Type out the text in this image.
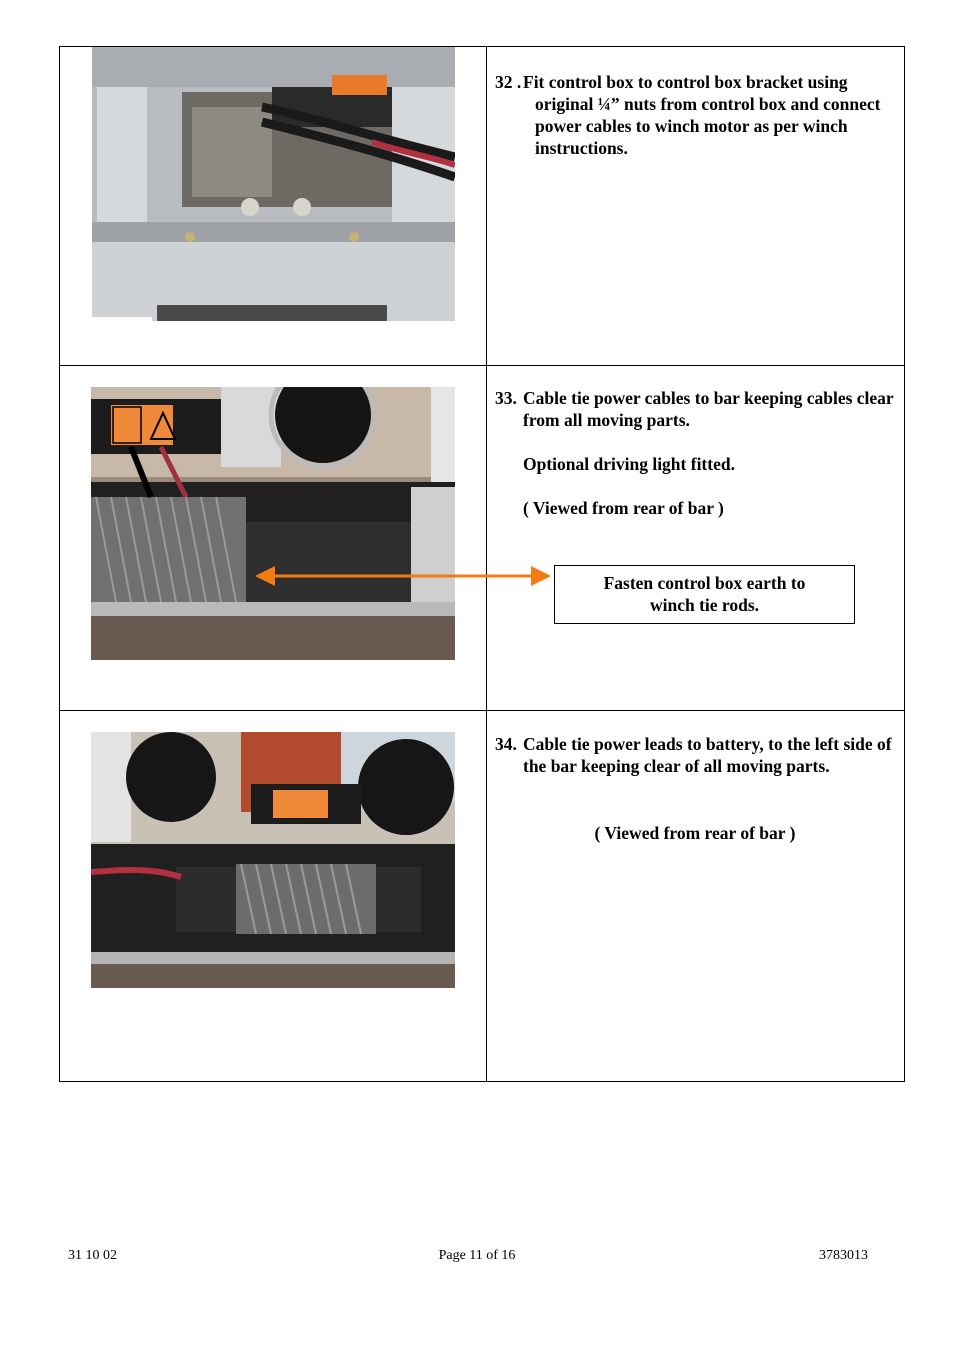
32 . Fit control box to control box bracket using original ¼” nuts from control box and connect power cables to winch motor as per winch instructions.
33. Cable tie power cables to bar keeping cables clear from all moving parts.
Optional driving light fitted.
( Viewed from rear of bar )
Fasten control box earth to
winch tie rods.
34. Cable tie power leads to battery, to the left side of the bar keeping clear of all moving parts.
( Viewed from rear of bar )
31 10 02	Page 11 of 16	3783013
